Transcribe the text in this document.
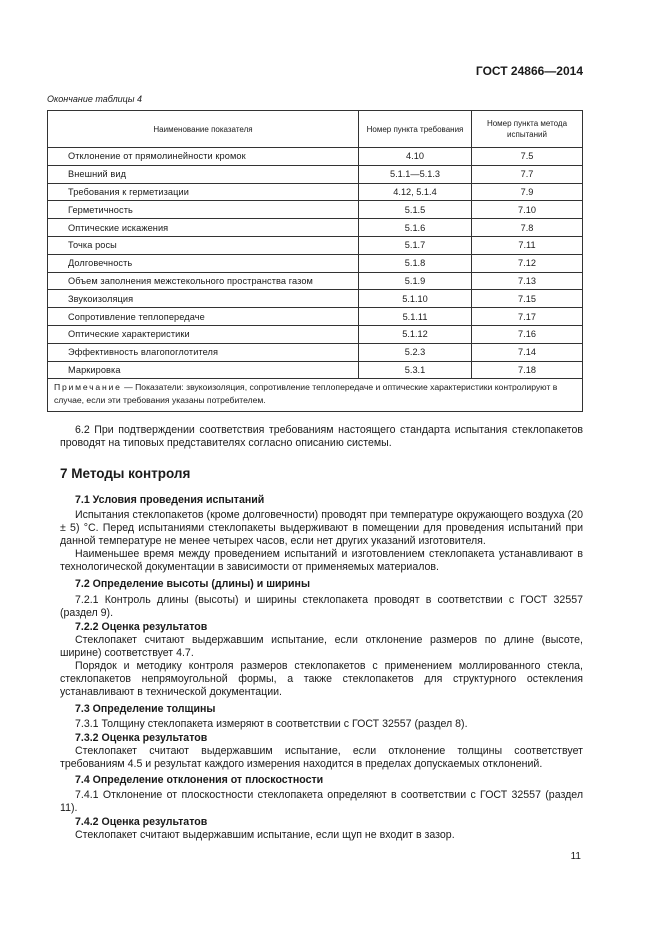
ГОСТ 24866—2014
Окончание таблицы 4
Наименование показателя	Номер пункта требования	Номер пункта метода испытаний
Отклонение от прямолинейности кромок	4.10	7.5
Внешний вид	5.1.1—5.1.3	7.7
Требования к герметизации	4.12, 5.1.4	7.9
Герметичность	5.1.5	7.10
Оптические искажения	5.1.6	7.8
Точка росы	5.1.7	7.11
Долговечность	5.1.8	7.12
Объем заполнения межстекольного пространства газом	5.1.9	7.13
Звукоизоляция	5.1.10	7.15
Сопротивление теплопередаче	5.1.11	7.17
Оптические характеристики	5.1.12	7.16
Эффективность влагопоглотителя	5.2.3	7.14
Маркировка	5.3.1	7.18
Примечание — Показатели: звукоизоляция, сопротивление теплопередаче и оптические характеристики контролируют в случае, если эти требования указаны потребителем.		

6.2 При подтверждении соответствия требованиям настоящего стандарта испытания стеклопакетов проводят на типовых представителях согласно описанию системы.

7 Методы контроля
7.1 Условия проведения испытаний

Испытания стеклопакетов (кроме долговечности) проводят при температуре окружающего воздуха (20 ± 5) °С. Перед испытаниями стеклопакеты выдерживают в помещении для проведения испытаний при данной температуре не менее четырех часов, если нет других указаний изготовителя.

Наименьшее время между проведением испытаний и изготовлением стеклопакета устанавливают в технологической документации в зависимости от применяемых материалов.

7.2 Определение высоты (длины) и ширины

7.2.1 Контроль длины (высоты) и ширины стеклопакета проводят в соответствии с ГОСТ 32557 (раздел 9).

7.2.2 Оценка результатов

Стеклопакет считают выдержавшим испытание, если отклонение размеров по длине (высоте, ширине) соответствует 4.7.

Порядок и методику контроля размеров стеклопакетов с применением моллированного стекла, стеклопакетов непрямоугольной формы, а также стеклопакетов для структурного остекления устанавливают в технической документации.

7.3 Определение толщины

7.3.1 Толщину стеклопакета измеряют в соответствии с ГОСТ 32557 (раздел 8).

7.3.2 Оценка результатов

Стеклопакет считают выдержавшим испытание, если отклонение толщины соответствует требованиям 4.5 и результат каждого измерения находится в пределах допускаемых отклонений.

7.4 Определение отклонения от плоскостности

7.4.1 Отклонение от плоскостности стеклопакета определяют в соответствии с ГОСТ 32557 (раздел 11).

7.4.2 Оценка результатов

Стеклопакет считают выдержавшим испытание, если щуп не входит в зазор.

11
